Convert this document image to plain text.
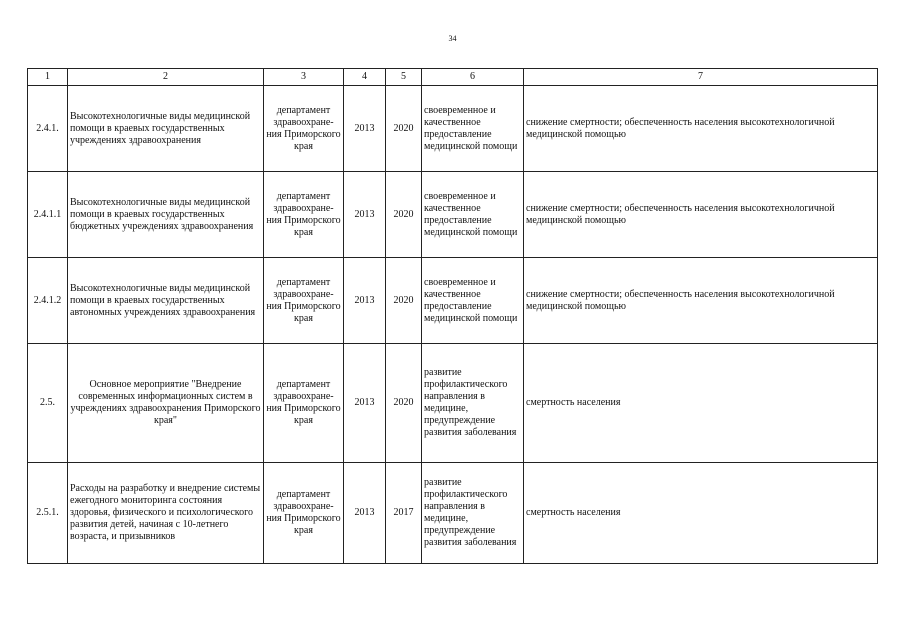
34
1	2	3	4	5	6	7
2.4.1.	Высокотехнологичные виды медицинской помощи в краевых государственных учреждениях здравоохранения	департамент здравоохране-ния Приморского края	2013	2020	своевременное и качественное предоставление медицинской помощи	снижение смертности; обеспеченность населения высокотехнологичной медицинской помощью
2.4.1.1	Высокотехнологичные виды медицинской помощи в краевых государственных бюджетных учреждениях здравоохранения	департамент здравоохране-ния Приморского края	2013	2020	своевременное и качественное предоставление медицинской помощи	снижение смертности; обеспеченность населения высокотехнологичной медицинской помощью
2.4.1.2	Высокотехнологичные виды медицинской помощи в краевых государственных автономных учреждениях здравоохранения	департамент здравоохране-ния Приморского края	2013	2020	своевременное и качественное предоставление медицинской помощи	снижение смертности; обеспеченность населения высокотехнологичной медицинской помощью
2.5.	Основное мероприятие "Внедрение современных информационных систем в учреждениях здравоохранения Приморского края"	департамент здравоохране-ния Приморского края	2013	2020	развитие профилактического направления в медицине, предупреждение развития заболевания	смертность населения
2.5.1.	Расходы на разработку и внедрение системы ежегодного мониторинга состояния здоровья, физического и психологического развития детей, начиная с 10-летнего возраста, и призывников	департамент здравоохране-ния Приморского края	2013	2017	развитие профилактического направления в медицине, предупреждение развития заболевания	смертность населения
